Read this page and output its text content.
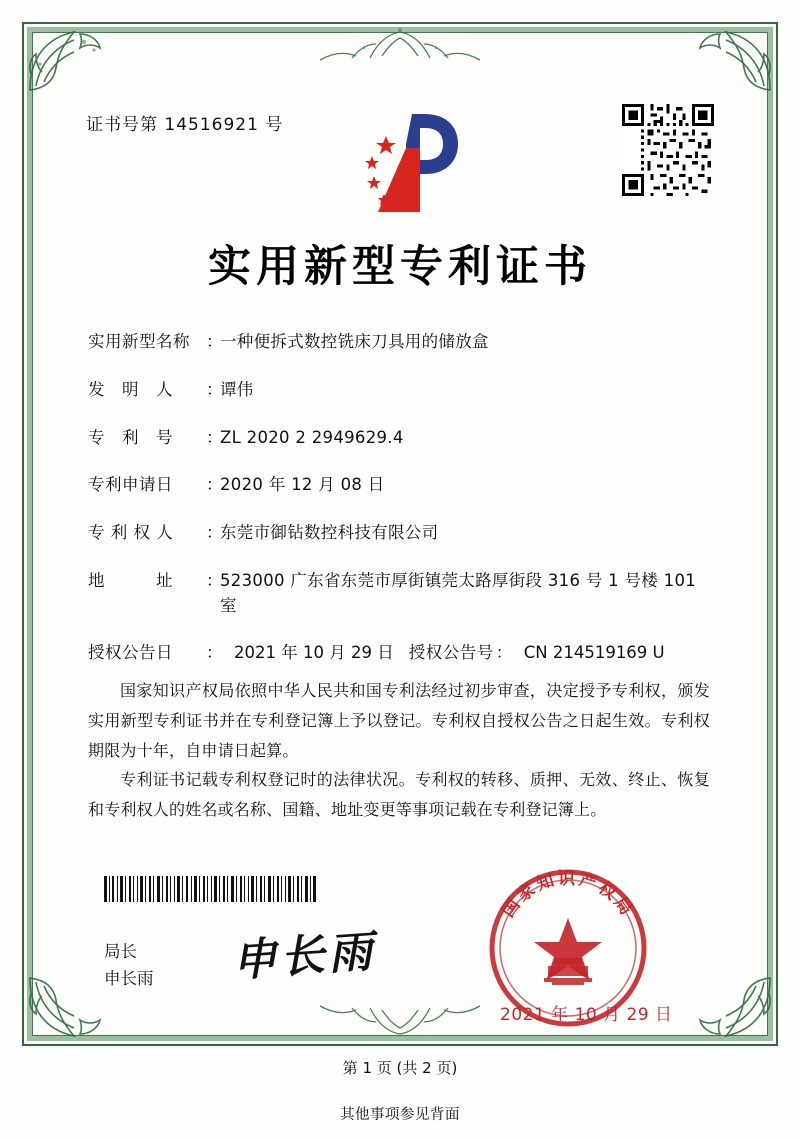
证书号第 14516921 号
实用新型专利证书
实用新型名称 ：
一种便拆式数控铣床刀具用的储放盒
发　明　人	：
谭伟
专　利　号	：
ZL 2020 2 2949629.4
专利申请日	：
2020 年 12 月 08 日
专 利 权 人	：
东莞市御钻数控科技有限公司
地　　　址	：
523000 广东省东莞市厚街镇莞太路厚街段 316 号 1 号楼 101 室
授权公告日	： 2021 年 10 月 29 日 授权公告号 ： CN 214519169 U
国家知识产权局依照中华人民共和国专利法经过初步审查，决定授予专利权，颁发实用新型专利证书并在专利登记簿上予以登记。专利权自授权公告之日起生效。专利权期限为十年，自申请日起算。
专利证书记载专利权登记时的法律状况。专利权的转移、质押、无效、终止、恢复和专利权人的姓名或名称、国籍、地址变更等事项记载在专利登记簿上。
局长
申长雨 申长雨
国家知识产权局
2021 年 10 月 29 日
第 1 页 (共 2 页)
其他事项参见背面
